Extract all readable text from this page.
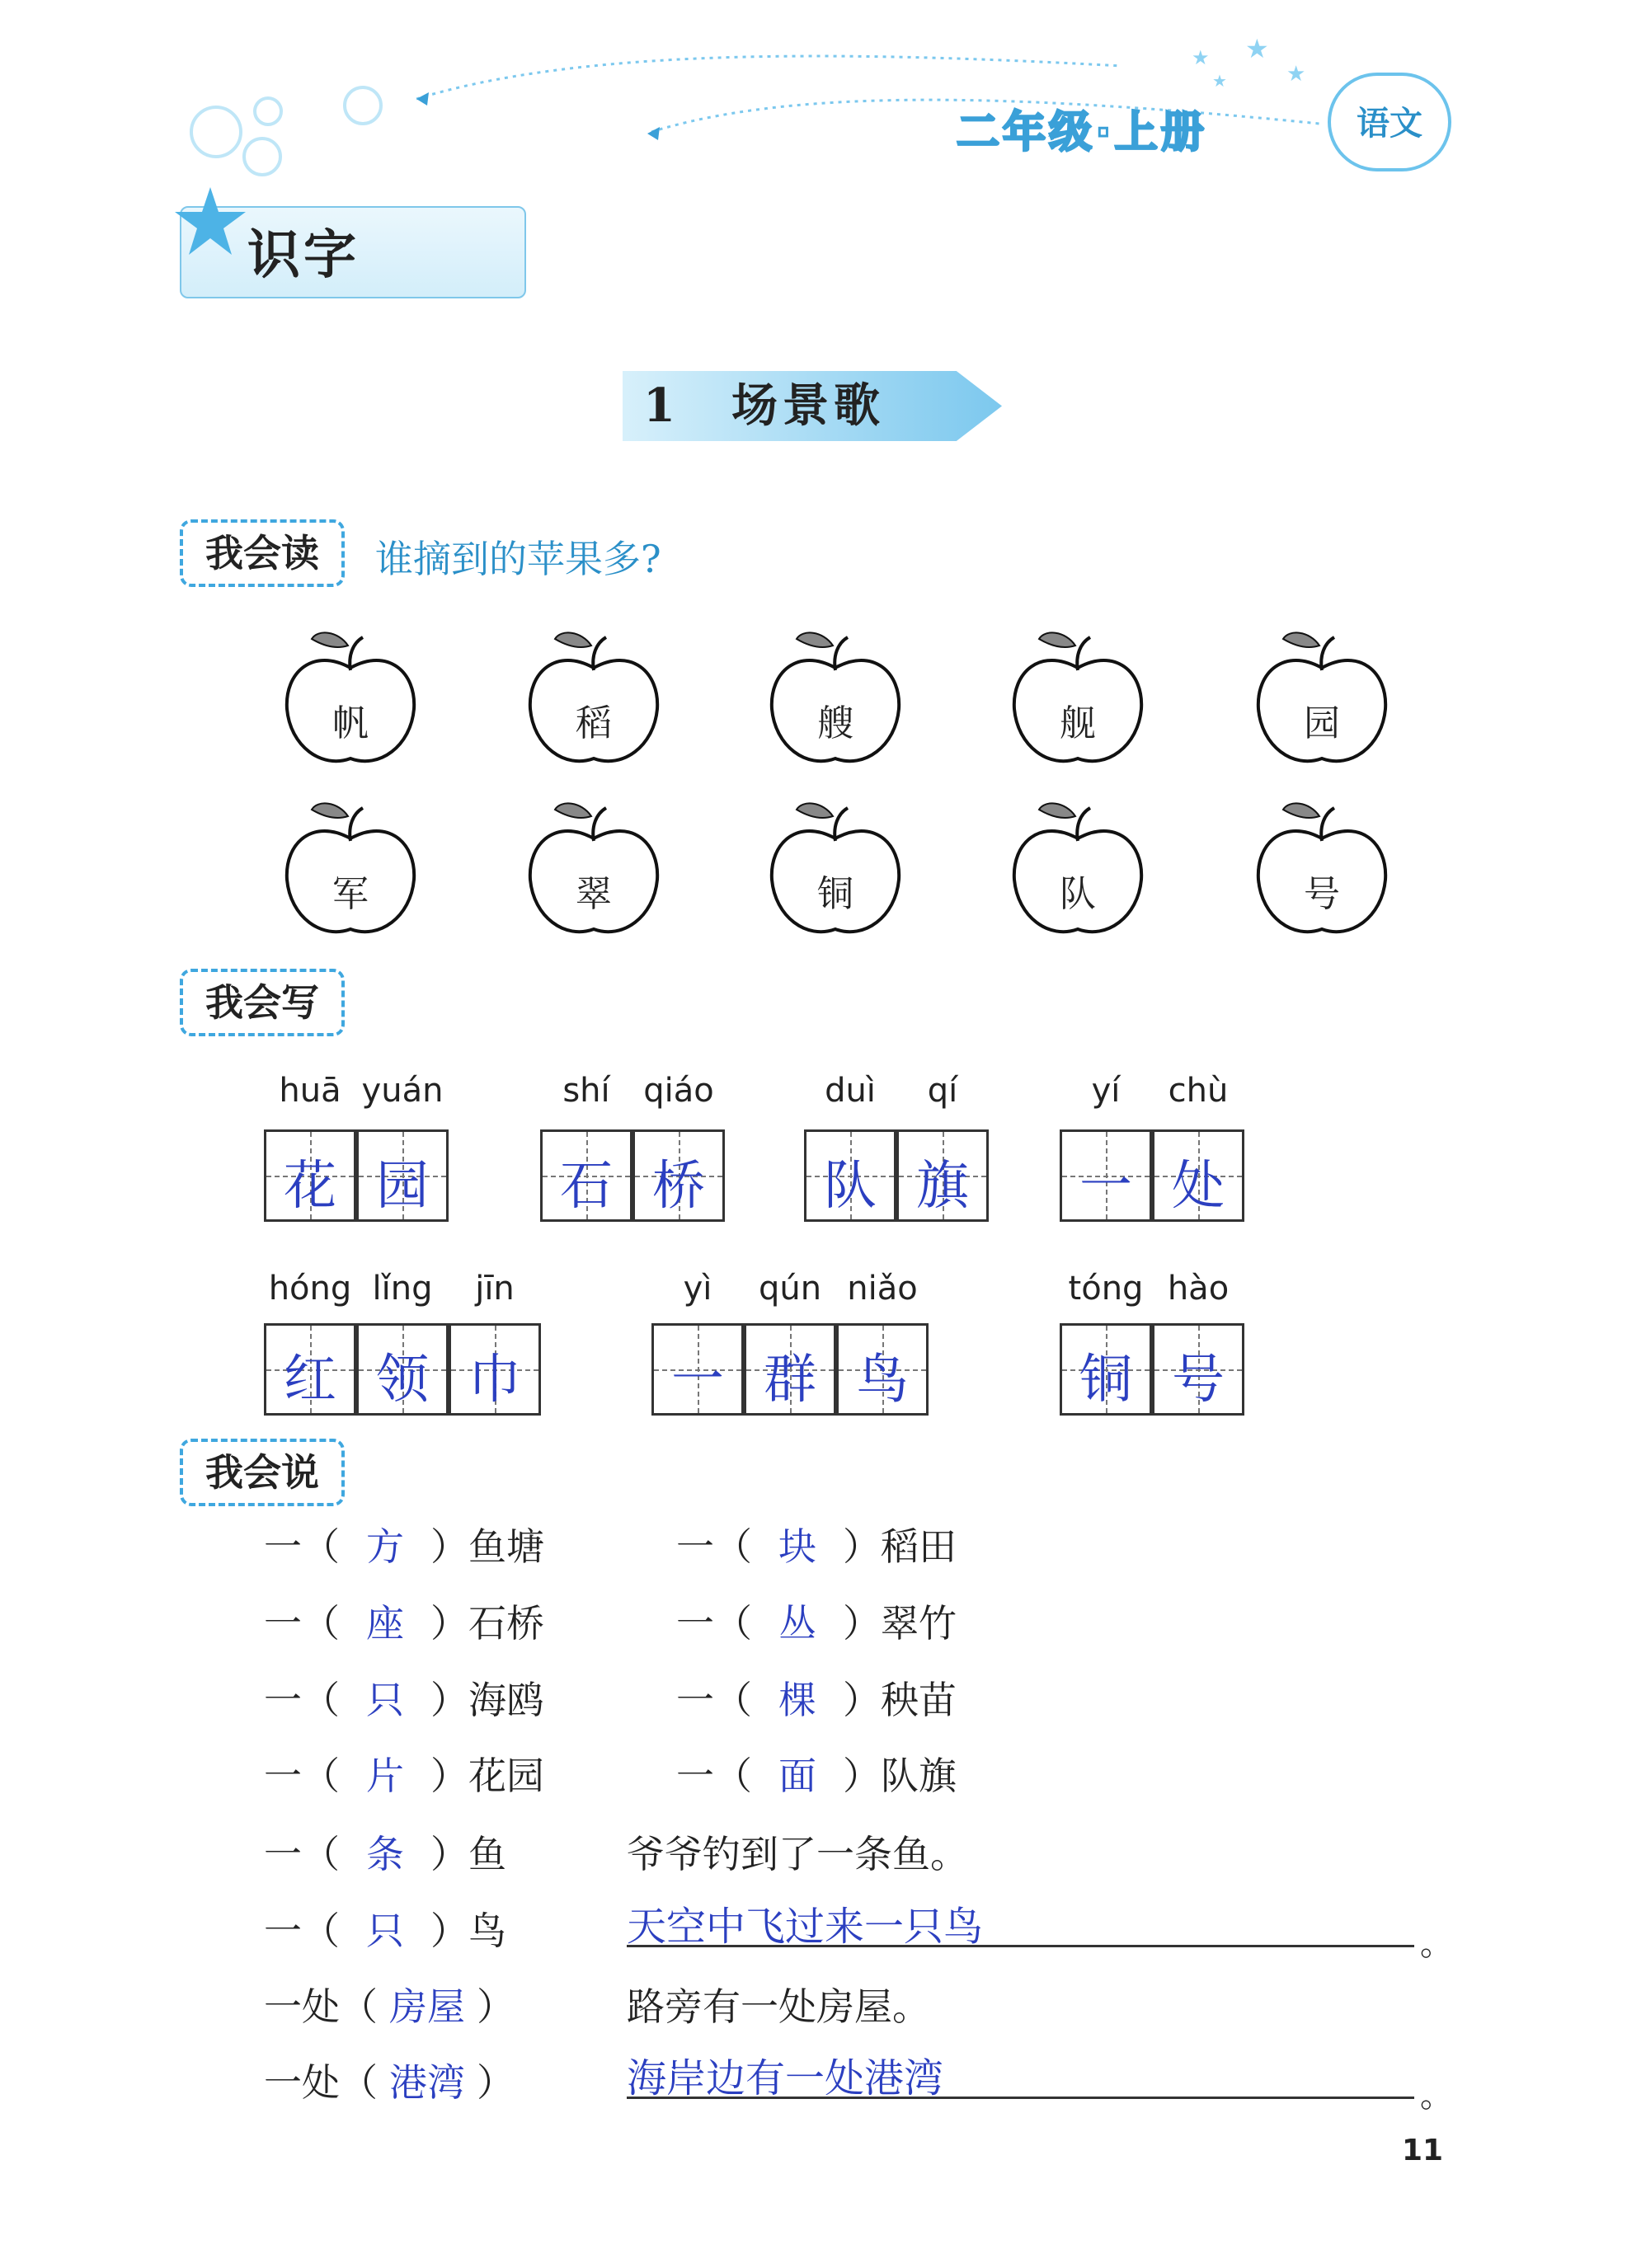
★ ★
★
★
二年级·上册	语文
识字
1　场景歌
我会读	谁摘到的苹果多?
帆	稻	艘	舰	园
军	翠	铜	队	号
我会写
huā
花
yuán
园
shí
石
qiáo
桥
duì
队
qí
旗
yí
一
chù
处
hóng
红
lǐng
领
jīn
巾
yì
一
qún
群
niǎo
鸟
tóng
铜
hào
号
我会说
一（ 方 ）鱼塘	一（ 块 ）稻田
一（ 座 ）石桥	一（ 丛 ）翠竹
一（ 只 ）海鸥	一（ 棵 ）秧苗
一（ 片 ）花园	一（ 面 ）队旗
一（ 条 ）鱼	爷爷钓到了一条鱼。
一（ 只 ）鸟	天空中飞过来一只鸟	。
一处（ 房屋 ）	路旁有一处房屋。
一处（ 港湾 ）	海岸边有一处港湾	。
11
